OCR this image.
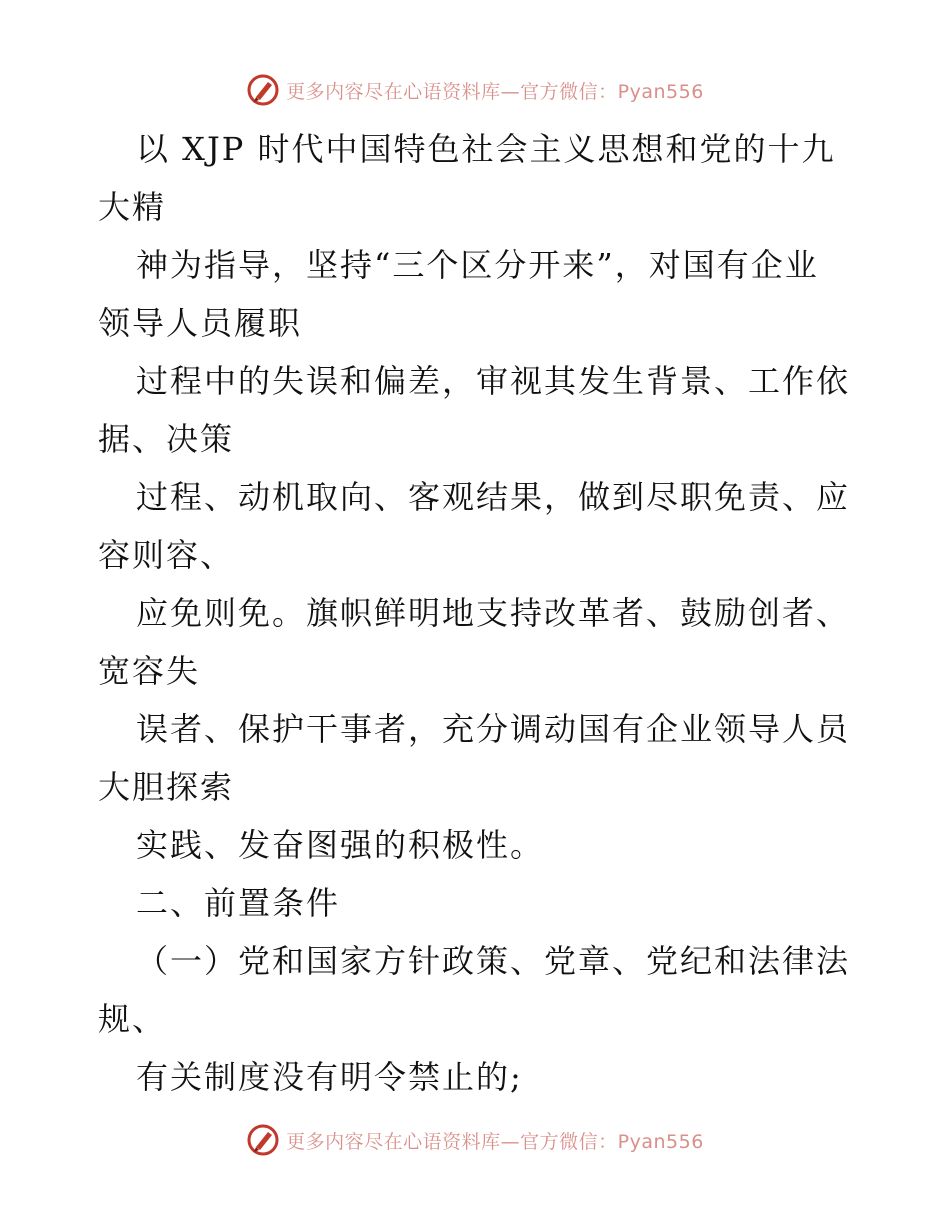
更多内容尽在心语资料库—官方微信：Pyan556
以 XJP 时代中国特色社会主义思想和党的十九
大精
神为指导，坚持“三个区分开来”，对国有企业
领导人员履职
过程中的失误和偏差，审视其发生背景、工作依
据、决策
过程、动机取向、客观结果，做到尽职免责、应
容则容、
应免则免。旗帜鲜明地支持改革者、鼓励创者、
宽容失
误者、保护干事者，充分调动国有企业领导人员
大胆探索
实践、发奋图强的积极性。
二、前置条件
（一）党和国家方针政策、党章、党纪和法律法
规、
有关制度没有明令禁止的;
更多内容尽在心语资料库—官方微信：Pyan556
